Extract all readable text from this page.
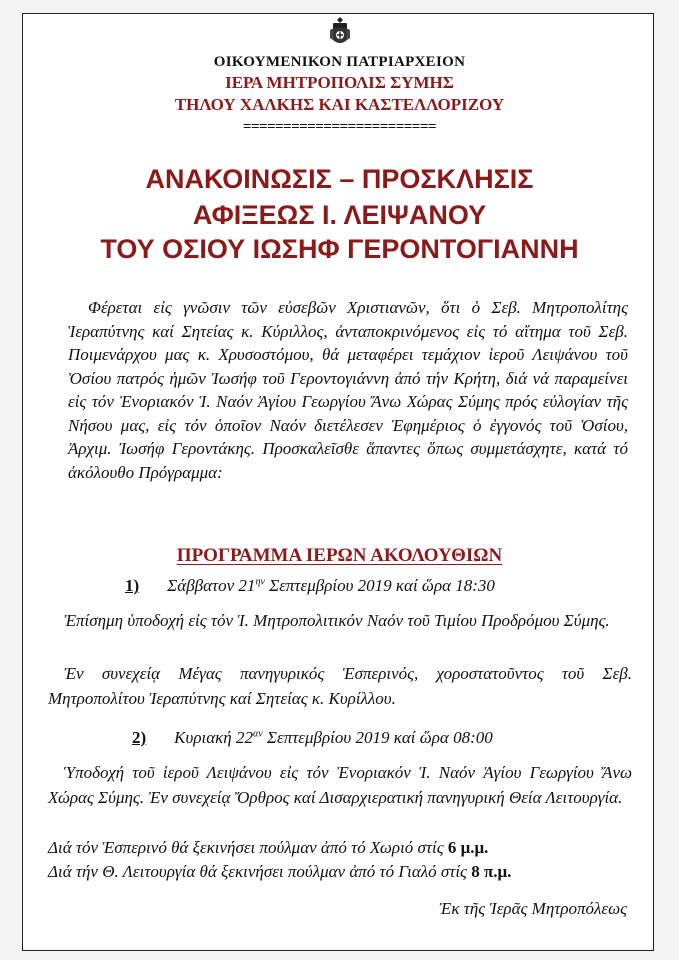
ΟΙΚΟΥΜΕΝΙΚΟΝ ΠΑΤΡΙΑΡΧΕΙΟΝ
ΙΕΡΑ ΜΗΤΡΟΠΟΛΙΣ ΣΥΜΗΣ
ΤΗΛΟΥ ΧΑΛΚΗΣ ΚΑΙ ΚΑΣΤΕΛΛΟΡΙΖΟΥ
========================
ΑΝΑΚΟΙΝΩΣΙΣ – ΠΡΟΣΚΛΗΣΙΣ
ΑΦΙΞΕΩΣ Ι. ΛΕΙΨΑΝΟΥ
ΤΟΥ ΟΣΙΟΥ ΙΩΣΗΦ ΓΕΡΟΝΤΟΓΙΑΝΝΗ
Φέρεται εἰς γνῶσιν τῶν εὐσεβῶν Χριστιανῶν, ὅτι ὁ Σεβ. Μητροπολίτης Ἱεραπύτνης καί Σητείας κ. Κύριλλος, ἀνταποκρινόμενος εἰς τό αἴτημα τοῦ Σεβ. Ποιμενάρχου μας κ. Χρυσοστόμου, θά μεταφέρει τεμάχιον ἱεροῦ Λειψάνου τοῦ Ὁσίου πατρός ἡμῶν Ἰωσήφ τοῦ Γεροντογιάννη ἀπό τήν Κρήτη, διά νά παραμείνει εἰς τόν Ἐνοριακόν Ἱ. Ναόν Ἁγίου Γεωργίου Ἄνω Χώρας Σύμης πρός εὐλογίαν τῆς Νήσου μας, εἰς τόν ὁποῖον Ναόν διετέλεσεν Ἐφημέριος ὁ ἐγγονός τοῦ Ὁσίου, Ἀρχιμ. Ἰωσήφ Γεροντάκης. Προσκαλεῖσθε ἅπαντες ὅπως συμμετάσχητε, κατά τό ἀκόλουθο Πρόγραμμα:
ΠΡΟΓΡΑΜΜΑ ΙΕΡΩΝ ΑΚΟΛΟΥΘΙΩΝ
1) Σάββατον $21^{\eta\nu}$ Σεπτεμβρίου 2019 καί ὥρα 18:30
Ἐπίσημη ὑποδοχή εἰς τόν Ἱ. Μητροπολιτικόν Ναόν τοῦ Τιμίου Προδρόμου Σύμης.
Ἐν συνεχείᾳ Μέγας πανηγυρικός Ἑσπερινός, χοροστατοῦντος τοῦ Σεβ. Μητροπολίτου Ἱεραπύτνης καί Σητείας κ. Κυρίλλου.
2) Κυριακή $22^{\alpha\nu}$ Σεπτεμβρίου 2019 καί ὥρα 08:00
Ὑποδοχή τοῦ ἱεροῦ Λειψάνου εἰς τόν Ἐνοριακόν Ἱ. Ναόν Ἁγίου Γεωργίου Ἄνω Χώρας Σύμης. Ἐν συνεχείᾳ Ὄρθρος καί Δισαρχιερατική πανηγυρική Θεία Λειτουργία.
Διά τόν Ἑσπερινό θά ξεκινήσει πούλμαν ἀπό τό Χωριό στίς 6 μ.μ.
Διά τήν Θ. Λειτουργία θά ξεκινήσει πούλμαν ἀπό τό Γιαλό στίς 8 π.μ.
Ἐκ τῆς Ἱερᾶς Μητροπόλεως
